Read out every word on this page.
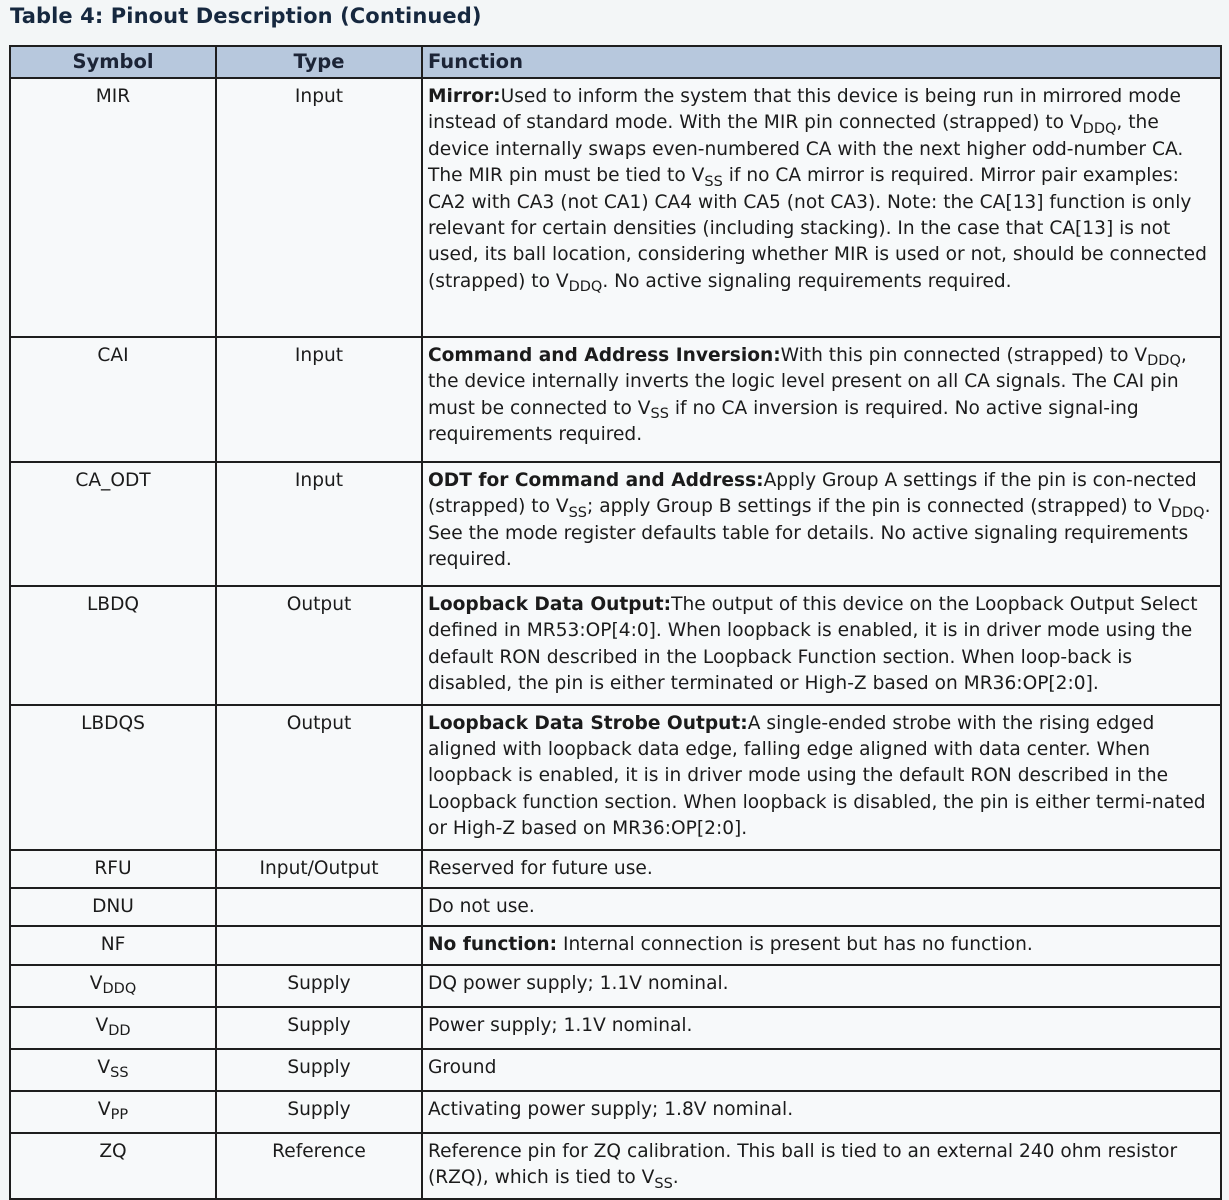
Table 4: Pinout Description (Continued)
Symbol	Type	Function
MIR	Input	Mirror:Used to inform the system that this device is being run in mirrored mode instead of standard mode. With the MIR pin connected (strapped) to $V_{DDQ}$, the device internally swaps even-numbered CA with the next higher odd-number CA. The MIR pin must be tied to $V_{SS}$ if no CA mirror is required. Mirror pair examples: CA2 with CA3 (not CA1) CA4 with CA5 (not CA3). Note: the CA[13] function is only relevant for certain densities (including stacking). In the case that CA[13] is not used, its ball location, considering whether MIR is used or not, should be connected (strapped) to $V_{DDQ}$. No active signaling requirements required.
CAI	Input	Command and Address Inversion:With this pin connected (strapped) to $V_{DDQ}$, the device internally inverts the logic level present on all CA signals. The CAI pin must be connected to $V_{SS}$ if no CA inversion is required. No active signal-ing requirements required.
CA_ODT	Input	ODT for Command and Address:Apply Group A settings if the pin is con-nected (strapped) to $V_{SS}$; apply Group B settings if the pin is connected (strapped) to $V_{DDQ}$. See the mode register defaults table for details. No active signaling requirements required.
LBDQ	Output	Loopback Data Output:The output of this device on the Loopback Output Select defined in MR53:OP[4:0]. When loopback is enabled, it is in driver mode using the default RON described in the Loopback Function section. When loop-back is disabled, the pin is either terminated or High-Z based on MR36:OP[2:0].
LBDQS	Output	Loopback Data Strobe Output:A single-ended strobe with the rising edged aligned with loopback data edge, falling edge aligned with data center. When loopback is enabled, it is in driver mode using the default RON described in the Loopback function section. When loopback is disabled, the pin is either termi-nated or High-Z based on MR36:OP[2:0].
RFU	Input/Output	Reserved for future use.
DNU		Do not use.
NF		No function: Internal connection is present but has no function.
$V_{DDQ}$	Supply	DQ power supply; 1.1V nominal.
$V_{DD}$	Supply	Power supply; 1.1V nominal.
$V_{SS}$	Supply	Ground
$V_{PP}$	Supply	Activating power supply; 1.8V nominal.
ZQ	Reference	Reference pin for ZQ calibration. This ball is tied to an external 240 ohm resistor (RZQ), which is tied to $V_{SS}$.
